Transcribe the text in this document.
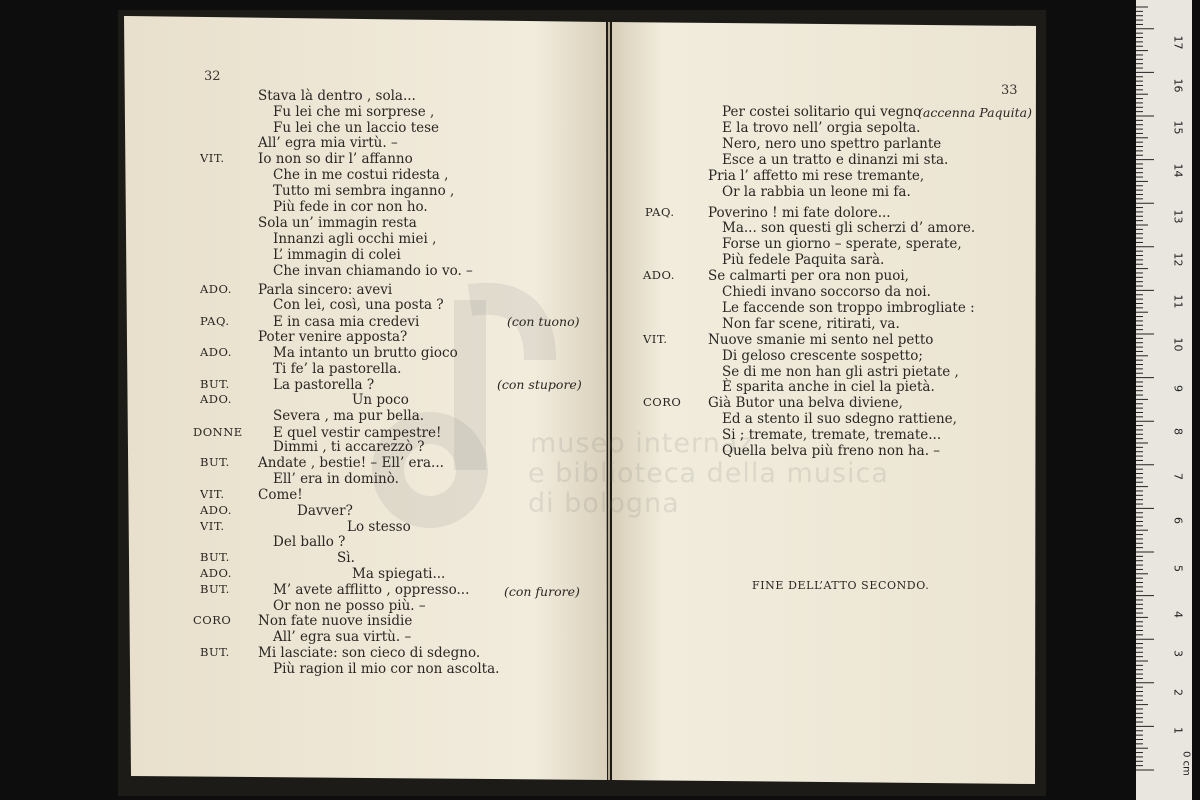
museo internaz
e biblioteca della musica
di bologna
32
VIT.
ADO.
PAQ.
ADO.
BUT.
ADO.
DONNE
BUT.
VIT.
ADO.
VIT.
BUT.
ADO.
BUT.
CORO
BUT.
Stava là dentro , sola...
Fu lei che mi sorprese ,
Fu lei che un laccio tese
All’ egra mia virtù. –
Io non so dir l’ affanno
Che in me costui ridesta ,
Tutto mi sembra inganno ,
Più fede in cor non ho.
Sola un’ immagin resta
Innanzi agli occhi miei ,
L’ immagin di colei
Che invan chiamando io vo. –
Parla sincero: avevi
Con lei, così, una posta ?
E in casa mia credevi
Poter venire apposta?
Ma intanto un brutto gioco
Ti fe’ la pastorella.
La pastorella ?
Un poco
Severa , ma pur bella.
E quel vestir campestre!
Dimmi , ti accarezzò ?
Andate , bestie! – Ell’ era...
Ell’ era in dominò.
Come!
Davver?
Lo stesso
Del ballo ?
Sì.
Ma spiegati...
M’ avete afflitto , oppresso...
Or non ne posso più. –
Non fate nuove insidie
All’ egra sua virtù. –
Mi lasciate: son cieco di sdegno.
Più ragion il mio cor non ascolta.
(con tuono)
(con stupore)
(con furore)
33
PAQ.
ADO.
VIT.
CORO
Per costei solitario qui vegno
E la trovo nell’ orgia sepolta.
Nero, nero uno spettro parlante
Esce a un tratto e dinanzi mi sta.
Pria l’ affetto mi rese tremante,
Or la rabbia un leone mi fa.
Poverino ! mi fate dolore...
Ma... son questi gli scherzi d’ amore.
Forse un giorno – sperate, sperate,
Più fedele Paquita sarà.
Se calmarti per ora non puoi,
Chiedi invano soccorso da noi.
Le faccende son troppo imbrogliate :
Non far scene, ritirati, va.
Nuove smanie mi sento nel petto
Di geloso crescente sospetto;
Se di me non han gli astri pietate ,
È sparita anche in ciel la pietà.
Già Butor una belva diviene,
Ed a stento il suo sdegno rattiene,
Si ; tremate, tremate, tremate...
Quella belva più freno non ha. –
(accenna Paquita)
FINE DELL’ATTO SECONDO.
0 cm
1
2
3
4
5
6
7
8
9
10
11
12
13
14
15
16
17
